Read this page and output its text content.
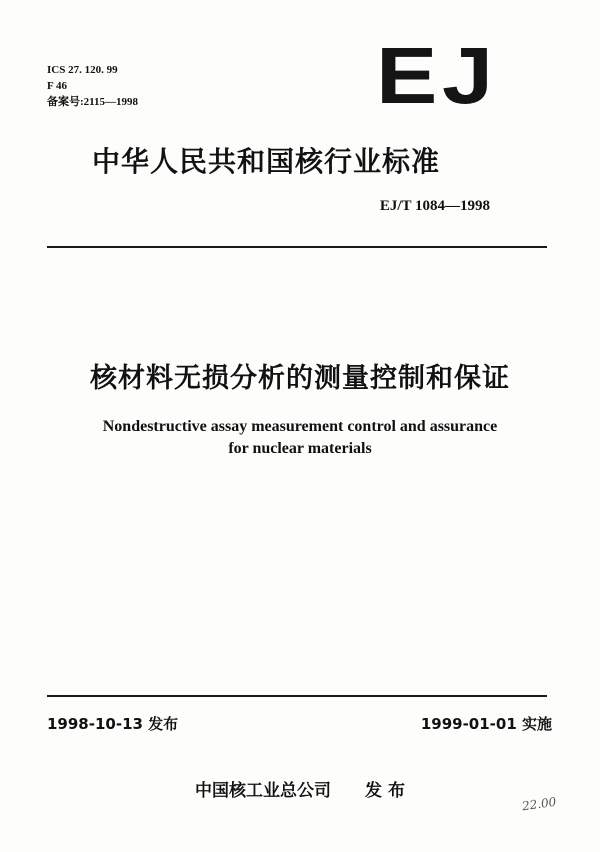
ICS 27. 120. 99
F 46
备案号:2115—1998	EJ
中华人民共和国核行业标准
EJ/T 1084—1998
核材料无损分析的测量控制和保证
Nondestructive assay measurement control and assurance
for nuclear materials
1998-10-13 发布	1999-01-01 实施
中国核工业总公司 发 布
22.00
